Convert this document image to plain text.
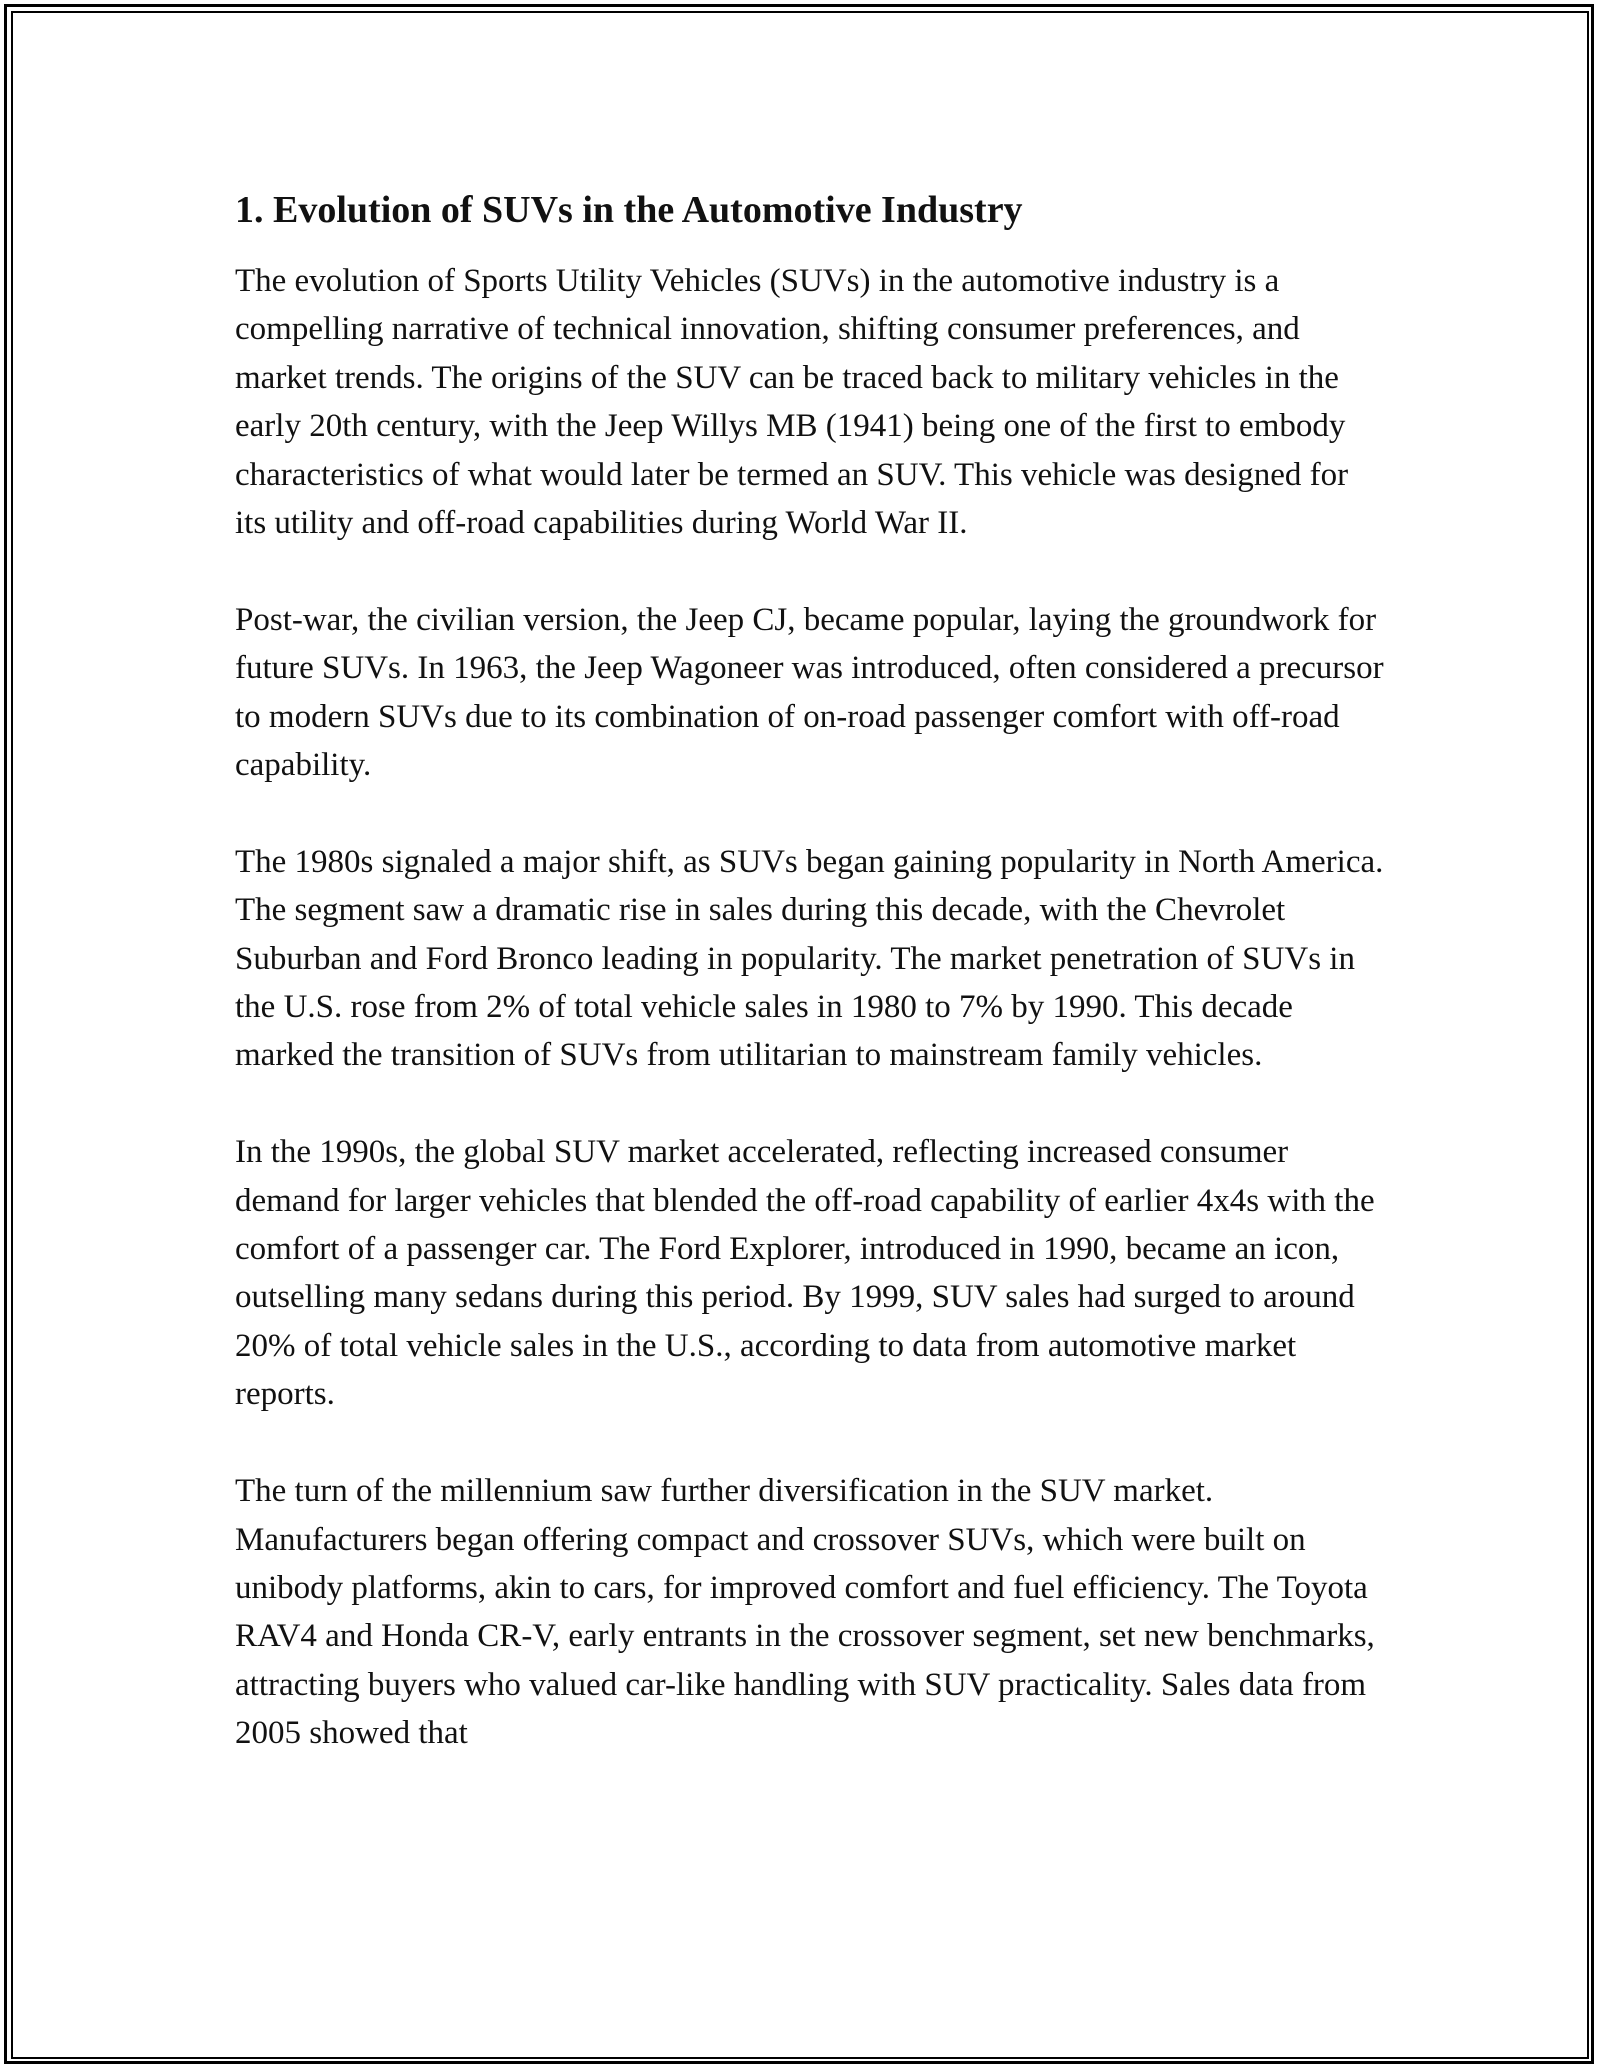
1. Evolution of SUVs in the Automotive Industry

The evolution of Sports Utility Vehicles (SUVs) in the automotive industry is a compelling narrative of technical innovation, shifting consumer preferences, and market trends. The origins of the SUV can be traced back to military vehicles in the early 20th century, with the Jeep Willys MB (1941) being one of the first to embody characteristics of what would later be termed an SUV. This vehicle was designed for its utility and off-road capabilities during World War II.

Post-war, the civilian version, the Jeep CJ, became popular, laying the groundwork for future SUVs. In 1963, the Jeep Wagoneer was introduced, often considered a precursor to modern SUVs due to its combination of on-road passenger comfort with off-road capability.

The 1980s signaled a major shift, as SUVs began gaining popularity in North America. The segment saw a dramatic rise in sales during this decade, with the Chevrolet Suburban and Ford Bronco leading in popularity. The market penetration of SUVs in the U.S. rose from 2% of total vehicle sales in 1980 to 7% by 1990. This decade marked the transition of SUVs from utilitarian to mainstream family vehicles.

In the 1990s, the global SUV market accelerated, reflecting increased consumer demand for larger vehicles that blended the off-road capability of earlier 4x4s with the comfort of a passenger car. The Ford Explorer, introduced in 1990, became an icon, outselling many sedans during this period. By 1999, SUV sales had surged to around 20% of total vehicle sales in the U.S., according to data from automotive market reports.

The turn of the millennium saw further diversification in the SUV market. Manufacturers began offering compact and crossover SUVs, which were built on unibody platforms, akin to cars, for improved comfort and fuel efficiency. The Toyota RAV4 and Honda CR-V, early entrants in the crossover segment, set new benchmarks, attracting buyers who valued car-like handling with SUV practicality. Sales data from 2005 showed that
